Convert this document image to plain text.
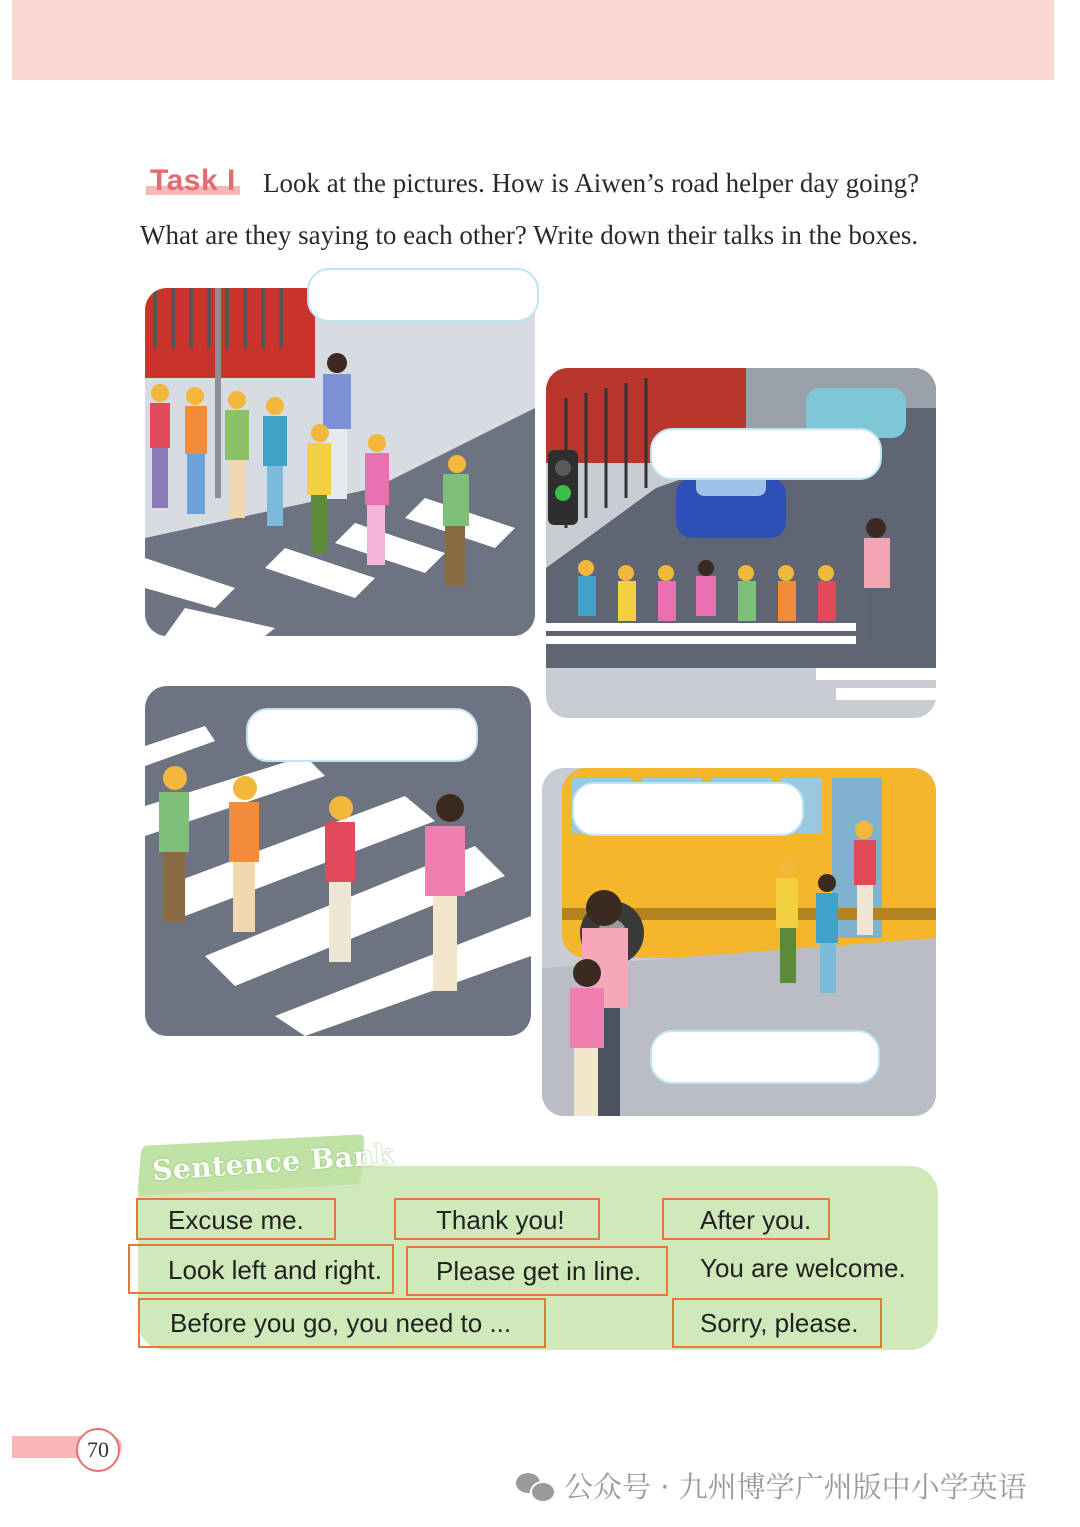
Task I Look at the pictures. How is Aiwen’s road helper day going?
What are they saying to each other? Write down their talks in the boxes.
Sentence Bank
Excuse me.	Thank you!	After you.
Look left and right.	Please get in line.	You are welcome.
Before you go, you need to ...	Sorry, please.
70
公众号 · 九州博学广州版中小学英语
